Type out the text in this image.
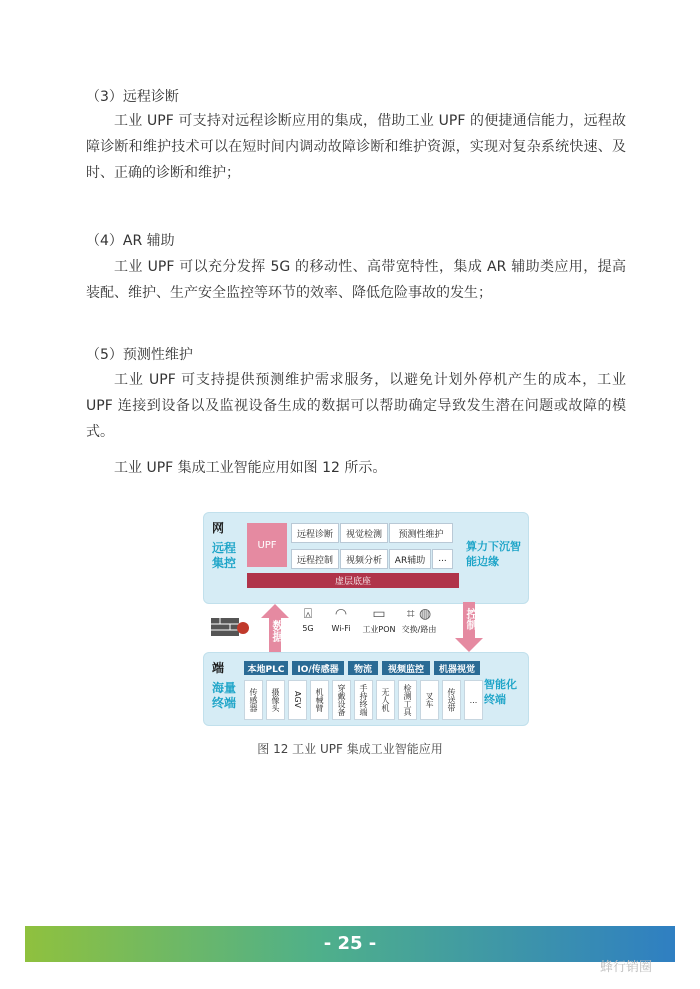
（3）远程诊断
工业 UPF 可支持对远程诊断应用的集成，借助工业 UPF 的便捷通信能力，远程故障诊断和维护技术可以在短时间内调动故障诊断和维护资源，实现对复杂系统快速、及时、正确的诊断和维护；
（4）AR 辅助
工业 UPF 可以充分发挥 5G 的移动性、高带宽特性，集成 AR 辅助类应用，提高装配、维护、生产安全监控等环节的效率、降低危险事故的发生；
（5）预测性维护
工业 UPF 可支持提供预测维护需求服务，以避免计划外停机产生的成本，工业 UPF 连接到设备以及监视设备生成的数据可以帮助确定导致发生潜在问题或故障的模式。
工业 UPF 集成工业智能应用如图 12 所示。
网
远程集控
UPF
远程诊断	视觉检测	预测性维护
远程控制	视频分析	AR辅助	...
虚层底座
算力下沉智能边缘
数据
⍓
5G
◠
Wi-Fi
▭
工业PON
⌗ ◍
交换/路由	控制
端
海量终端
本地PLC	IO/传感器	物流	视频监控	机器视觉
传感器	摄像头	AGV	机械臂	穿戴设备	手持终端	无人机	检测工具	叉车	传送带	...
智能化终端
图 12 工业 UPF 集成工业智能应用
- 25 -
蜂行销圈
